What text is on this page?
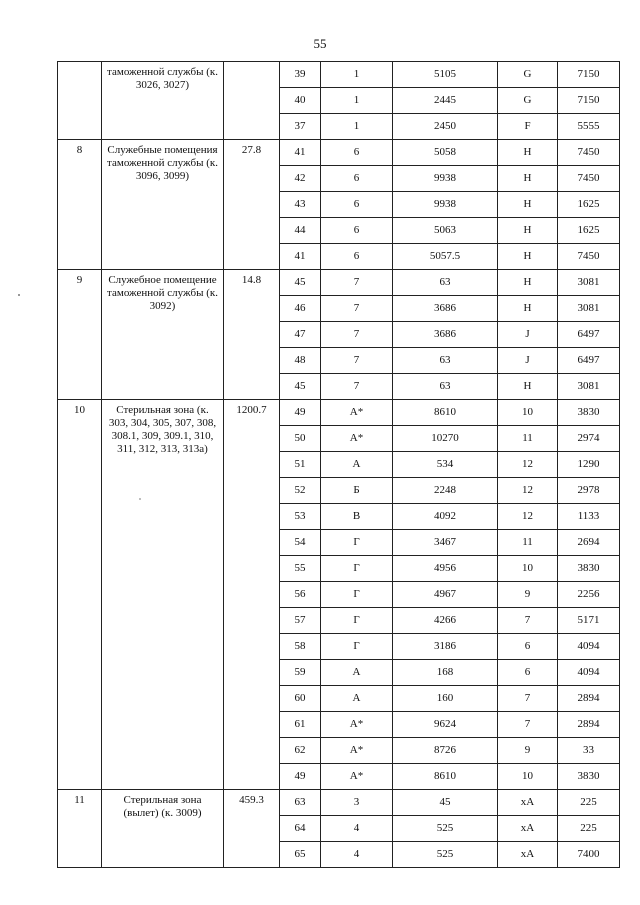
55
	таможенной службы (к. 3026, 3027)		39	1	5105	G	7150
			40	1	2445	G	7150
			37	1	2450	F	5555
8	Служебные помещения таможенной службы (к. 3096, 3099)	27.8	41	6	5058	H	7450
			42	6	9938	H	7450
			43	6	9938	H	1625
			44	6	5063	H	1625
			41	6	5057.5	H	7450
9	Служебное помещение таможенной службы (к. 3092)	14.8	45	7	63	H	3081
			46	7	3686	H	3081
			47	7	3686	J	6497
			48	7	63	J	6497
			45	7	63	H	3081
10	Стерильная зона (к. 303, 304, 305, 307, 308, 308.1, 309, 309.1, 310, 311, 312, 313, 313а)	1200.7	49	А*	8610	10	3830
			50	А*	10270	11	2974
			51	А	534	12	1290
			52	Б	2248	12	2978
			53	В	4092	12	1133
			54	Г	3467	11	2694
			55	Г	4956	10	3830
			56	Г	4967	9	2256
			57	Г	4266	7	5171
			58	Г	3186	6	4094
			59	А	168	6	4094
			60	А	160	7	2894
			61	А*	9624	7	2894
			62	А*	8726	9	33
			49	А*	8610	10	3830
11	Стерильная зона (вылет) (к. 3009)	459.3	63	3	45	хА	225
			64	4	525	хА	225
			65	4	525	хА	7400
